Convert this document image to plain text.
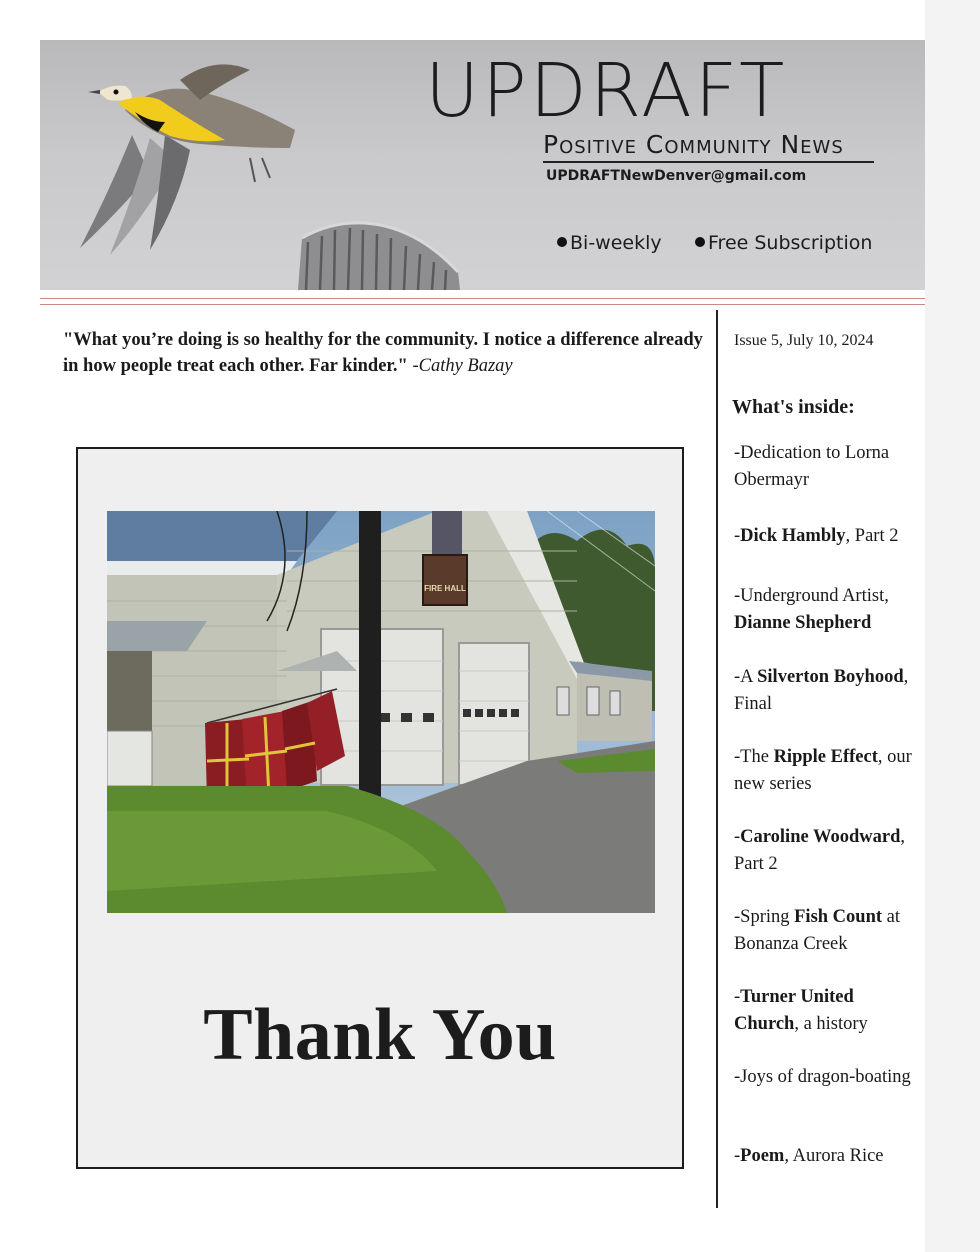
UPDRAFT
Positive Community News
UPDRAFTNewDenver@gmail.com
Bi-weekly	Free Subscription
"What you’re doing is so healthy for the community. I notice a difference already in how people treat each other. Far kinder." -Cathy Bazay
FIRE HALL
Thank You
Issue 5, July 10, 2024
What's inside:
-Dedication to Lorna Obermayr
-Dick Hambly, Part 2
-Underground Artist, Dianne Shepherd
-A Silverton Boyhood, Final
-The Ripple Effect, our new series
-Caroline Woodward, Part 2
-Spring Fish Count at Bonanza Creek
-Turner United Church, a history
-Joys of dragon-boating
-Poem, Aurora Rice
